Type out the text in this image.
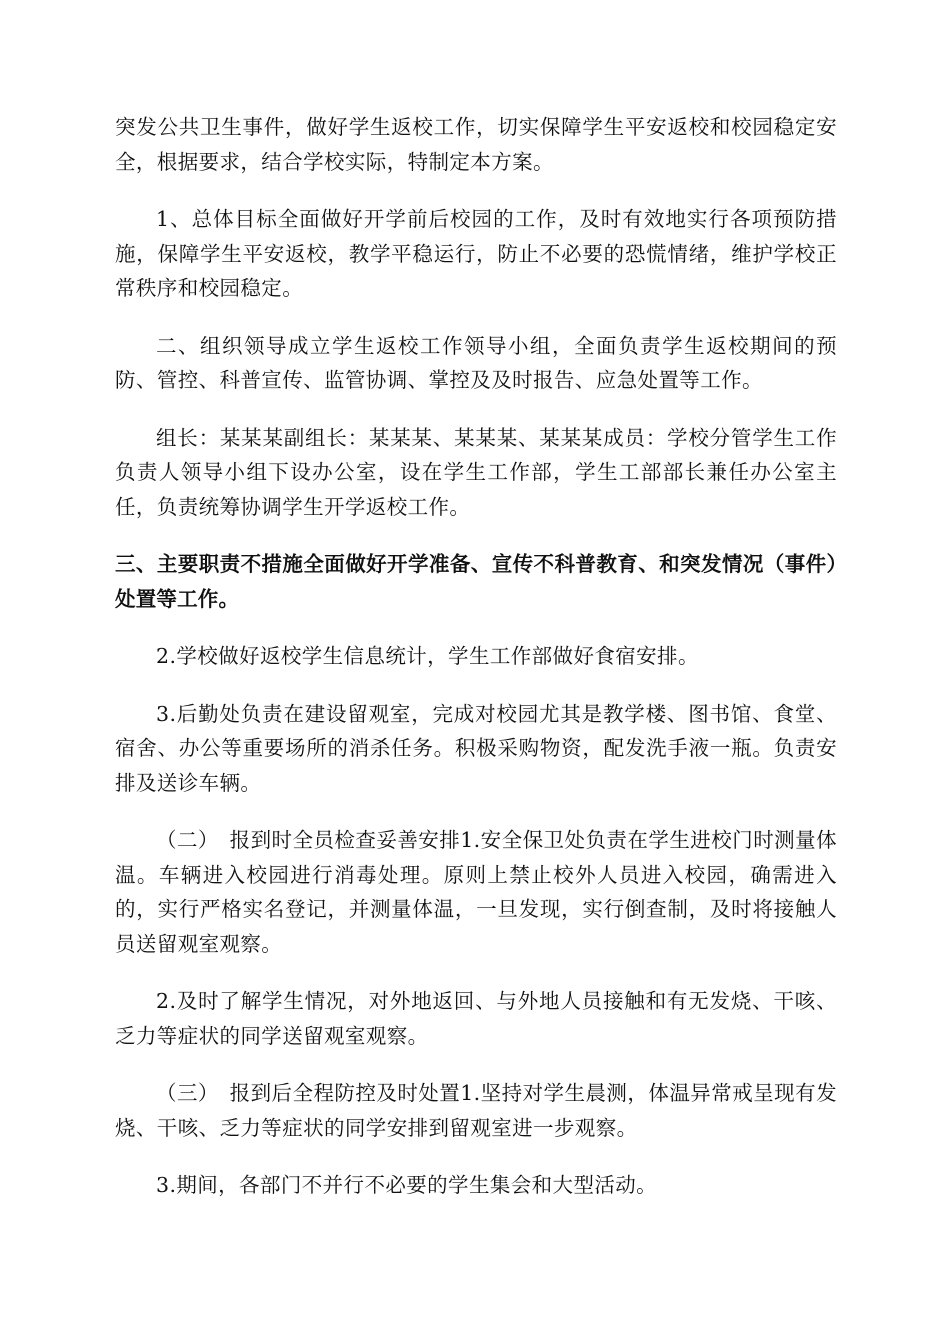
突发公共卫生事件，做好学生返校工作，切实保障学生平安返校和校园稳定安全，根据要求，结合学校实际，特制定本方案。

1、总体目标全面做好开学前后校园的工作，及时有效地实行各项预防措施，保障学生平安返校，教学平稳运行，防止不必要的恐慌情绪，维护学校正常秩序和校园稳定。

二、组织领导成立学生返校工作领导小组，全面负责学生返校期间的预防、管控、科普宣传、监管协调、掌控及及时报告、应急处置等工作。

组长：某某某副组长：某某某、某某某、某某某成员：学校分管学生工作负责人领导小组下设办公室，设在学生工作部，学生工部部长兼任办公室主任，负责统筹协调学生开学返校工作。

三、主要职责不措施全面做好开学准备、宣传不科普教育、和突发情况（事件）处置等工作。

2.学校做好返校学生信息统计，学生工作部做好食宿安排。

3.后勤处负责在建设留观室，完成对校园尤其是教学楼、图书馆、食堂、宿舍、办公等重要场所的消杀任务。积极采购物资，配发洗手液一瓶。负责安排及送诊车辆。

（二）　报到时全员检查妥善安排1.安全保卫处负责在学生进校门时测量体温。车辆进入校园进行消毒处理。原则上禁止校外人员进入校园，确需进入的，实行严格实名登记，并测量体温，一旦发现，实行倒查制，及时将接触人员送留观室观察。

2.及时了解学生情况，对外地返回、与外地人员接触和有无发烧、干咳、乏力等症状的同学送留观室观察。

（三）　报到后全程防控及时处置1.坚持对学生晨测，体温异常戒呈现有发烧、干咳、乏力等症状的同学安排到留观室进一步观察。

3.期间，各部门不并行不必要的学生集会和大型活动。
